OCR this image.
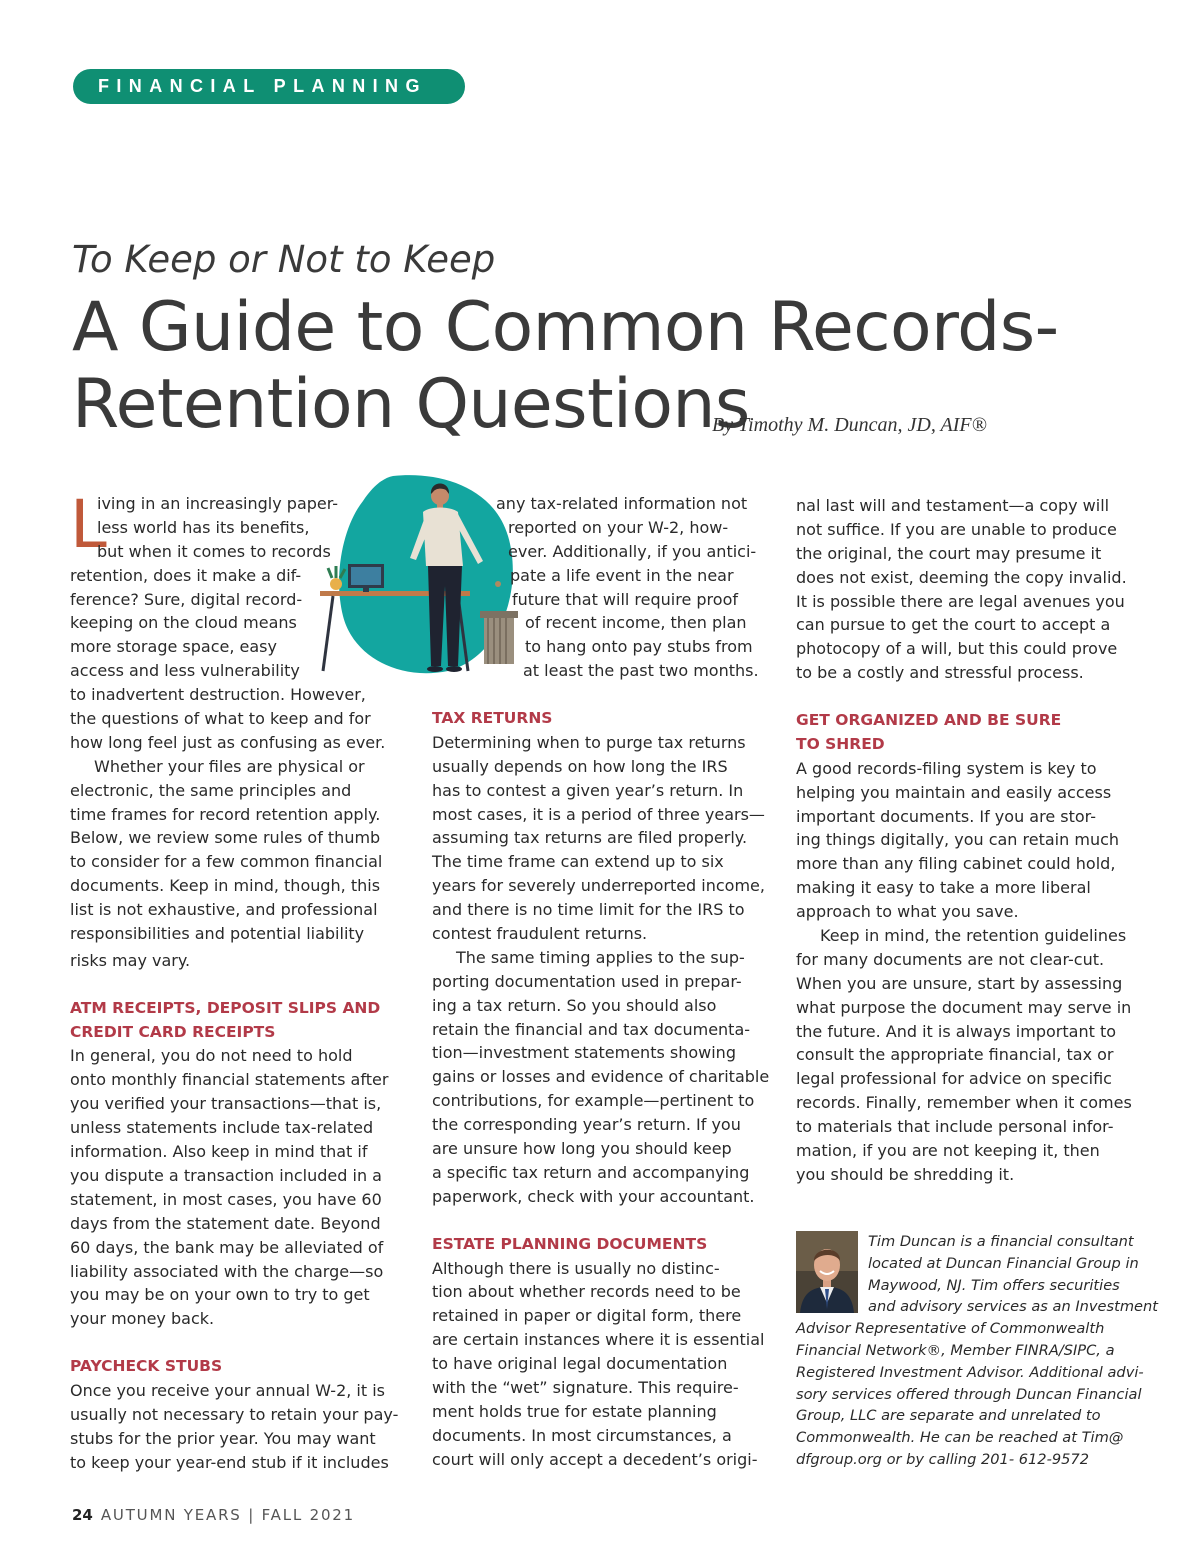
FINANCIAL PLANNING
To Keep or Not to Keep
A Guide to Common Records-
Retention Questions
By Timothy M. Duncan, JD, AIF®
L
iving in an increasingly paper-
less world has its benefits,
but when it comes to records
retention, does it make a dif-
ference? Sure, digital record-
keeping on the cloud means
more storage space, easy
access and less vulnerability
to inadvertent destruction. However,
the questions of what to keep and for
how long feel just as confusing as ever.
Whether your files are physical or
electronic, the same principles and
time frames for record retention apply.
Below, we review some rules of thumb
to consider for a few common financial
documents. Keep in mind, though, this
list is not exhaustive, and professional
responsibilities and potential liability
risks may vary.
ATM RECEIPTS, DEPOSIT SLIPS AND
CREDIT CARD RECEIPTS
In general, you do not need to hold
onto monthly financial statements after
you verified your transactions—that is,
unless statements include tax-related
information. Also keep in mind that if
you dispute a transaction included in a
statement, in most cases, you have 60
days from the statement date. Beyond
60 days, the bank may be alleviated of
liability associated with the charge—so
you may be on your own to try to get
your money back.
PAYCHECK STUBS
Once you receive your annual W-2, it is
usually not necessary to retain your pay-
stubs for the prior year. You may want
to keep your year-end stub if it includes
any tax-related information not
reported on your W-2, how-
ever. Additionally, if you antici-
pate a life event in the near
future that will require proof
of recent income, then plan
to hang onto pay stubs from
at least the past two months.
TAX RETURNS
Determining when to purge tax returns
usually depends on how long the IRS
has to contest a given year’s return. In
most cases, it is a period of three years—
assuming tax returns are filed properly.
The time frame can extend up to six
years for severely underreported income,
and there is no time limit for the IRS to
contest fraudulent returns.
The same timing applies to the sup-
porting documentation used in prepar-
ing a tax return. So you should also
retain the financial and tax documenta-
tion—investment statements showing
gains or losses and evidence of charitable
contributions, for example—pertinent to
the corresponding year’s return. If you
are unsure how long you should keep
a specific tax return and accompanying
paperwork, check with your accountant.
ESTATE PLANNING DOCUMENTS
Although there is usually no distinc-
tion about whether records need to be
retained in paper or digital form, there
are certain instances where it is essential
to have original legal documentation
with the “wet” signature. This require-
ment holds true for estate planning
documents. In most circumstances, a
court will only accept a decedent’s origi-
nal last will and testament—a copy will
not suffice. If you are unable to produce
the original, the court may presume it
does not exist, deeming the copy invalid.
It is possible there are legal avenues you
can pursue to get the court to accept a
photocopy of a will, but this could prove
to be a costly and stressful process.
GET ORGANIZED AND BE SURE
TO SHRED
A good records-filing system is key to
helping you maintain and easily access
important documents. If you are stor-
ing things digitally, you can retain much
more than any filing cabinet could hold,
making it easy to take a more liberal
approach to what you save.
Keep in mind, the retention guidelines
for many documents are not clear-cut.
When you are unsure, start by assessing
what purpose the document may serve in
the future. And it is always important to
consult the appropriate financial, tax or
legal professional for advice on specific
records. Finally, remember when it comes
to materials that include personal infor-
mation, if you are not keeping it, then
you should be shredding it.
Tim Duncan is a financial consultant
located at Duncan Financial Group in
Maywood, NJ. Tim offers securities
and advisory services as an Investment
Advisor Representative of Commonwealth
Financial Network®, Member FINRA/SIPC, a
Registered Investment Advisor. Additional advi-
sory services offered through Duncan Financial
Group, LLC are separate and unrelated to
Commonwealth. He can be reached at Tim@
dfgroup.org or by calling 201- 612-9572
24 AUTUMN YEARS | FALL 2021
